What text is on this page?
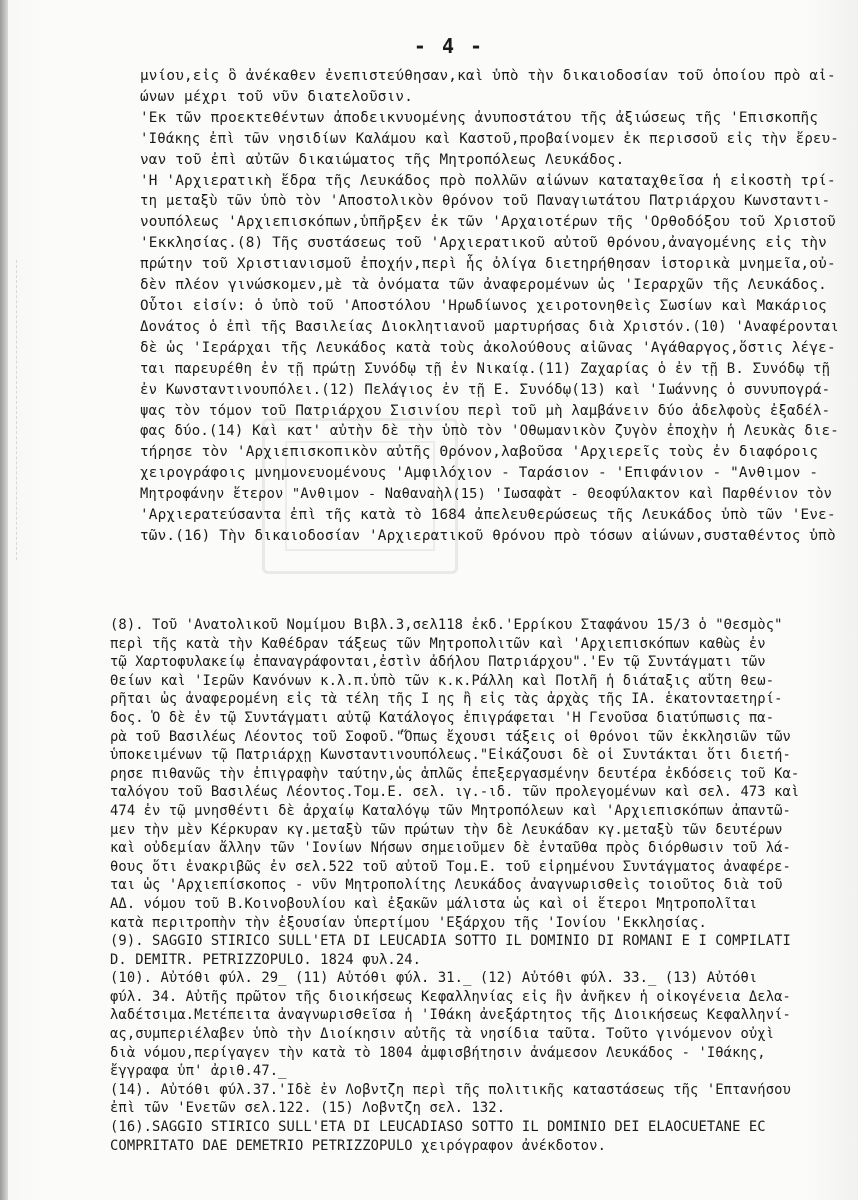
- 4 -
μνίου,εἰς ὃ ἀνέκαθεν ἐνεπιστεύθησαν,καὶ ὑπὸ τὴν δικαιοδοσίαν τοῦ ὁποίου πρὸ αἰ-
ώνων μέχρι τοῦ νῦν διατελοῦσιν.
'Εκ τῶν προεκτεθέντων ἀποδεικνυομένης ἀνυποστάτου τῆς ἀξιώσεως τῆς 'Επισκοπῆς
'Ιθάκης ἐπὶ τῶν νησιδίων Καλάμου καὶ Καστοῦ,προβαίνομεν ἐκ περισσοῦ εἰς τὴν ἔρευ-
ναν τοῦ ἐπὶ αὐτῶν δικαιώματος τῆς Μητροπόλεως Λευκάδος.
'Η 'Αρχιερατικὴ ἕδρα τῆς Λευκάδος πρὸ πολλῶν αἰώνων καταταχθεῖσα ἡ εἰκοστὴ τρί-
τη μεταξὺ τῶν ὑπὸ τὸν 'Αποστολικὸν θρόνον τοῦ Παναγιωτάτου Πατριάρχου Κωνσταντι-
νουπόλεως 'Αρχιεπισκόπων,ὑπῆρξεν ἐκ τῶν 'Αρχαιοτέρων τῆς 'Ορθοδόξου τοῦ Χριστοῦ
'Εκκλησίας.(8) Τῆς συστάσεως τοῦ 'Αρχιερατικοῦ αὐτοῦ θρόνου,ἀναγομένης εἰς τὴν
πρώτην τοῦ Χριστιανισμοῦ ἐποχήν,περὶ ἧς ὀλίγα διετηρήθησαν ἱστορικὰ μνημεῖα,οὐ-
δὲν πλέον γινώσκομεν,μὲ τὰ ὀνόματα τῶν ἀναφερομένων ὡς 'Ιεραρχῶν τῆς Λευκάδος.
Οὗτοι εἰσίν: ὁ ὑπὸ τοῦ 'Αποστόλου 'Ηρωδίωνος χειροτονηθεὶς Σωσίων καὶ Μακάριος
Δονάτος ὁ ἐπὶ τῆς Βασιλείας Διοκλητιανοῦ μαρτυρήσας διὰ Χριστόν.(10) 'Αναφέρονται
δὲ ὡς 'Ιεράρχαι τῆς Λευκάδος κατὰ τοὺς ἀκολούθους αἰῶνας 'Αγάθαργος,ὅστις λέγε-
ται παρευρέθη ἐν τῇ πρώτῃ Συνόδῳ τῇ ἐν Νικαίᾳ.(11) Ζαχαρίας ὁ ἐν τῇ Β. Συνόδῳ τῇ
ἐν Κωνσταντινουπόλει.(12) Πελάγιος ἐν τῇ Ε. Συνόδῳ(13) καὶ 'Ιωάννης ὁ συνυπογρά-
ψας τὸν τόμον τοῦ Πατριάρχου Σισινίου περὶ τοῦ μὴ λαμβάνειν δύο ἀδελφοὺς ἐξαδέλ-
φας δύο.(14) Καὶ κατ' αὐτὴν δὲ τὴν ὑπὸ τὸν 'Οθωμανικὸν ζυγὸν ἐποχὴν ἡ Λευκὰς διε-
τήρησε τὸν 'Αρχιεπισκοπικὸν αὐτῆς Θρόνον,λαβοῦσα 'Αρχιερεῖς τοὺς ἐν διαφόροις
χειρογράφοις μνημονευομένους 'Αμφιλόχιον - Ταράσιον - 'Επιφάνιον - "Ανθιμον -
Μητροφάνην ἕτερον "Ανθιμον - Ναθαναὴλ(15) 'Ιωσαφὰτ - Θεοφύλακτον καὶ Παρθένιον τὸν
'Αρχιερατεύσαντα ἐπὶ τῆς κατὰ τὸ 1684 ἀπελευθερώσεως τῆς Λευκάδος ὑπὸ τῶν 'Ενε-
τῶν.(16) Τὴν δικαιοδοσίαν 'Αρχιερατικοῦ θρόνου πρὸ τόσων αἰώνων,συσταθέντος ὑπὸ
(8). Τοῦ 'Ανατολικοῦ Νομίμου Βιβλ.3,σελ118 ἐκδ.'Ερρίκου Σταφάνου 15/3 ὁ "Θεσμὸς"
περὶ τῆς κατὰ τὴν Καθέδραν τάξεως τῶν Μητροπολιτῶν καὶ 'Αρχιεπισκόπων καθὼς ἐν
τῷ Χαρτοφυλακείῳ ἐπαναγράφονται,ἐστὶν ἀδήλου Πατριάρχου".'Εν τῷ Συντάγματι τῶν
Θείων καὶ 'Ιερῶν Κανόνων κ.λ.π.ὑπὸ τῶν κ.κ.Ράλλη καὶ Ποτλῆ ἡ διάταξις αὕτη θεω-
ρῆται ὡς ἀναφερομένη εἰς τὰ τέλη τῆς Ι ης ἢ εἰς τὰς ἀρχὰς τῆς ΙΑ. ἑκατονταετηρί-
δος. Ὁ δὲ ἐν τῷ Συντάγματι αὐτῷ Κατάλογος ἐπιγράφεται 'Η Γενοῦσα διατύπωσις πα-
ρὰ τοῦ Βασιλέως Λέοντος τοῦ Σοφοῦ."Ὅπως ἔχουσι τάξεις οἱ θρόνοι τῶν ἐκκλησιῶν τῶν
ὑποκειμένων τῷ Πατριάρχῃ Κωνσταντινουπόλεως."Εἰκάζουσι δὲ οἱ Συντάκται ὅτι διετή-
ρησε πιθανῶς τὴν ἐπιγραφὴν ταύτην,ὡς ἁπλῶς ἐπεξεργασμένην δευτέρα ἐκδόσεις τοῦ Κα-
ταλόγου τοῦ Βασιλέως Λέοντος.Τομ.Ε. σελ. ιγ.-ιδ. τῶν προλεγομένων καὶ σελ. 473 καὶ
474 ἐν τῷ μνησθέντι δὲ ἀρχαίῳ Καταλόγῳ τῶν Μητροπόλεων καὶ 'Αρχιεπισκόπων ἀπαντῶ-
μεν τὴν μὲν Κέρκυραν κγ.μεταξὺ τῶν πρώτων τὴν δὲ Λευκάδαν κγ.μεταξὺ τῶν δευτέρων
καὶ οὐδεμίαν ἄλλην τῶν 'Ιονίων Νήσων σημειοῦμεν δὲ ἐνταῦθα πρὸς διόρθωσιν τοῦ λά-
θους ὅτι ἐνακριβῶς ἐν σελ.522 τοῦ αὐτοῦ Τομ.Ε. τοῦ εἰρημένου Συντάγματος ἀναφέρε-
ται ὡς 'Αρχιεπίσκοπος - νῦν Μητροπολίτης Λευκάδος ἀναγνωρισθεὶς τοιοῦτος διὰ τοῦ
ΑΔ. νόμου τοῦ Β.Κοινοβουλίου καὶ ἐξακῶν μάλιστα ὡς καὶ οἱ ἕτεροι Μητροπολῖται
κατὰ περιτροπὴν τὴν ἐξουσίαν ὑπερτίμου 'Εξάρχου τῆς 'Ιονίου 'Εκκλησίας.
(9). SAGGIO STIRICO SULL'ETA DI LEUCADIA SOTTO IL DOMINIO DI ROMANI E I COMPILATI
D. DEMITR. PETRIZZOPULO. 1824 φυλ.24.
(10). Αὐτόθι φύλ. 29_ (11) Αὐτόθι φύλ. 31._ (12) Αὐτόθι φύλ. 33._ (13) Αὐτόθι
φύλ. 34. Αὐτῆς πρῶτον τῆς διοικήσεως Κεφαλληνίας εἰς ἣν ἀνῆκεν ἡ οἰκογένεια Δελα-
λαδέτσιμα.Μετέπειτα ἀναγνωρισθεῖσα ἡ 'Ιθάκη ἀνεξάρτητος τῆς Διοικήσεως Κεφαλληνί-
ας,συμπεριέλαβεν ὑπὸ τὴν Διοίκησιν αὐτῆς τὰ νησίδια ταῦτα. Τοῦτο γινόμενον οὐχὶ
διὰ νόμου,περίγαγεν τὴν κατὰ τὸ 1804 ἀμφισβήτησιν ἀνάμεσον Λευκάδος - 'Ιθάκης,
ἔγγραφα ὑπ' ἀριθ.47._
(14). Αὐτόθι φύλ.37.'Ιδὲ ἐν Λοβντζη περὶ τῆς πολιτικῆς καταστάσεως τῆς 'Επτανήσου
ἐπὶ τῶν 'Ενετῶν σελ.122. (15) Λοβντζη σελ. 132.
(16).SAGGIO STIRICO SULL'ETA DI LEUCADIASO SOTTO IL DOMINIO DEI ELAOCUETANE EC
COMPRITATO DAE DEMETRIO PETRIZZOPULO χειρόγραφον ἀνέκδοτον.
